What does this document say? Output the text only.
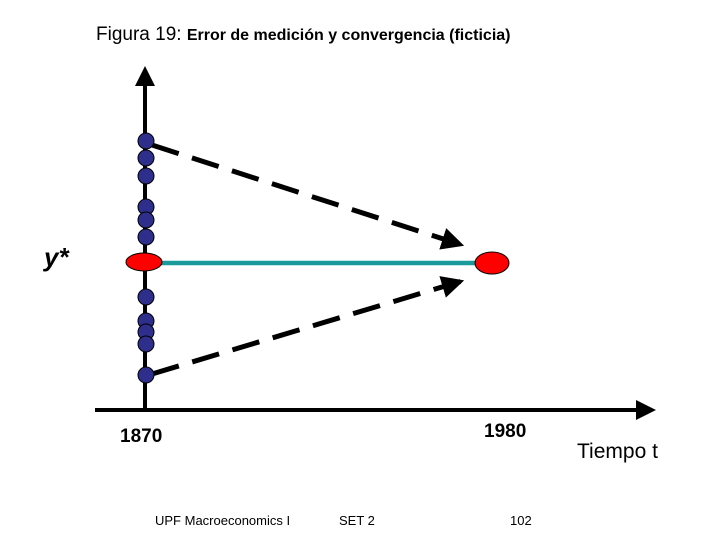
Figura 19: Error de medición y convergencia (ficticia)
y*
1870	1980
Tiempo t
UPF Macroeconomics I	SET 2	102
